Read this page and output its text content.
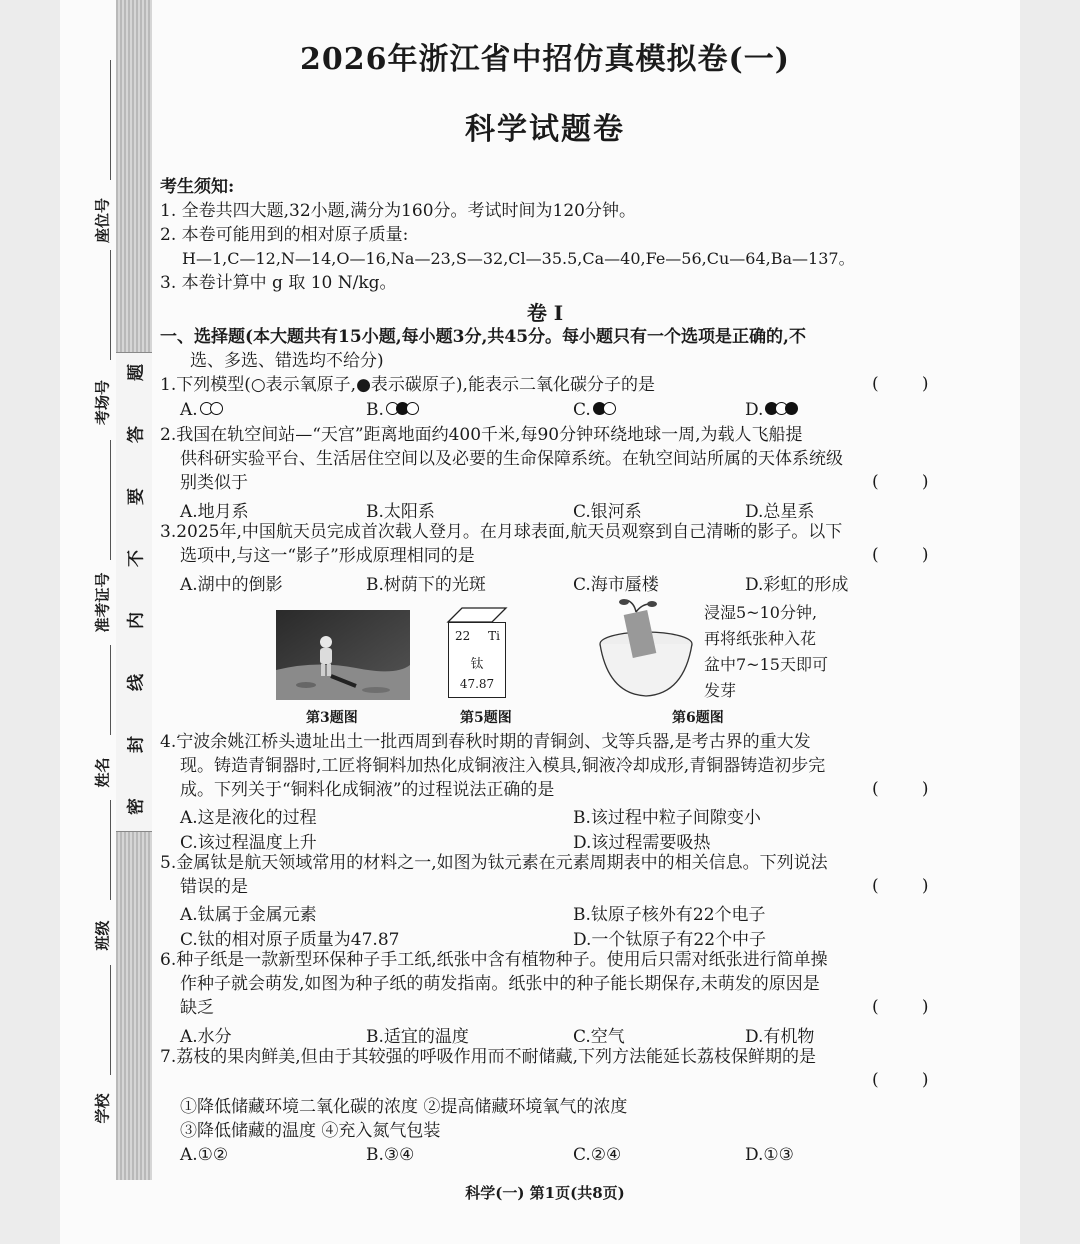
题
答
要
不
内
线
封
密
座位号
考场号
准考证号
姓名
班级
学校
2026年浙江省中招仿真模拟卷(一)
科学试题卷
考生须知:
1. 全卷共四大题,32小题,满分为160分。考试时间为120分钟。
2. 本卷可能用到的相对原子质量:
H—1,C—12,N—14,O—16,Na—23,S—32,Cl—35.5,Ca—40,Fe—56,Cu—64,Ba—137。
3. 本卷计算中 g 取 10 N/kg。
卷 I
一、选择题(本大题共有15小题,每小题3分,共45分。每小题只有一个选项是正确的,不
选、多选、错选均不给分)
1.下列模型(○表示氧原子,●表示碳原子),能表示二氧化碳分子的是	(        )
A.	B.	C.	D.
2.我国在轨空间站—“天宫”距离地面约400千米,每90分钟环绕地球一周,为载人飞船提
供科研实验平台、生活居住空间以及必要的生命保障系统。在轨空间站所属的天体系统级
别类似于	(        )
A.地月系	B.太阳系	C.银河系	D.总星系
3.2025年,中国航天员完成首次载人登月。在月球表面,航天员观察到自己清晰的影子。以下
选项中,与这一“影子”形成原理相同的是	(        )
A.湖中的倒影	B.树荫下的光斑	C.海市蜃楼	D.彩虹的形成
第3题图
22 Ti
钛
47.87
第5题图
浸湿5~10分钟,
再将纸张种入花
盆中7~15天即可
发芽
第6题图
4.宁波余姚江桥头遗址出土一批西周到春秋时期的青铜剑、戈等兵器,是考古界的重大发
现。铸造青铜器时,工匠将铜料加热化成铜液注入模具,铜液冷却成形,青铜器铸造初步完
成。下列关于“铜料化成铜液”的过程说法正确的是	(        )
A.这是液化的过程	B.该过程中粒子间隙变小
C.该过程温度上升	D.该过程需要吸热
5.金属钛是航天领域常用的材料之一,如图为钛元素在元素周期表中的相关信息。下列说法
错误的是	(        )
A.钛属于金属元素	B.钛原子核外有22个电子
C.钛的相对原子质量为47.87	D.一个钛原子有22个中子
6.种子纸是一款新型环保种子手工纸,纸张中含有植物种子。使用后只需对纸张进行简单操
作种子就会萌发,如图为种子纸的萌发指南。纸张中的种子能长期保存,未萌发的原因是
缺乏	(        )
A.水分	B.适宜的温度	C.空气	D.有机物
7.荔枝的果肉鲜美,但由于其较强的呼吸作用而不耐储藏,下列方法能延长荔枝保鲜期的是
(        )
①降低储藏环境二氧化碳的浓度 ②提高储藏环境氧气的浓度
③降低储藏的温度 ④充入氮气包装
A.①②	B.③④	C.②④	D.①③
科学(一) 第1页(共8页)
